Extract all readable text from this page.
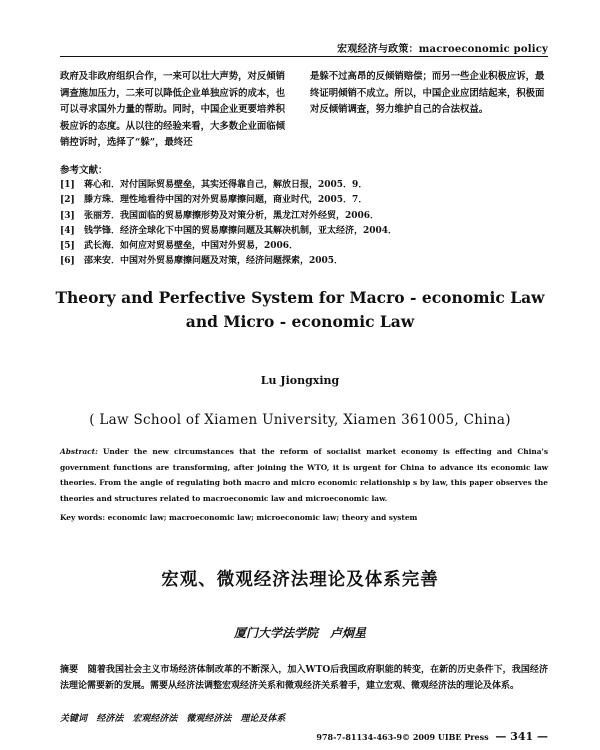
宏观经济与政策：macroeconomic policy
政府及非政府组织合作，一来可以壮大声势，对反倾销调查施加压力，二来可以降低企业单独应诉的成本，也可以寻求国外力量的帮助。同时，中国企业更要培养积极应诉的态度。从以往的经验来看，大多数企业面临倾销控诉时，选择了“躲”，最终还
是躲不过高昂的反倾销赔偿；而另一些企业积极应诉，最终证明倾销不成立。所以，中国企业应团结起来，积极面对反倾销调查，努力维护自己的合法权益。
参考文献：
[1] 蒋心和．对付国际贸易壁垒，其实还得靠自己，解放日报，2005．9．
[2] 滕方珠．理性地看待中国的对外贸易摩擦问题，商业时代，2005．7．
[3] 张丽芳．我国面临的贸易摩擦形势及对策分析，黑龙江对外经贸，2006．
[4] 钱学锋．经济全球化下中国的贸易摩擦问题及其解决机制，亚太经济，2004．
[5] 武长海．如何应对贸易壁垒，中国对外贸易，2006．
[6] 邵来安．中国对外贸易摩擦问题及对策，经济问题探索，2005．
Theory and Perfective System for Macro - economic Law
and Micro - economic Law
Lu Jiongxing
( Law School of Xiamen University, Xiamen 361005, China)
Abstract: Under the new circumstances that the reform of socialist market economy is effecting and China's government functions are transforming, after joining the WTO, it is urgent for China to advance its economic law theories. From the angle of regulating both macro and micro economic relationship s by law, this paper observes the theories and structures related to macroeconomic law and microeconomic law.
Key words: economic law; macroeconomic law; microeconomic law; theory and system
宏观、微观经济法理论及体系完善
厦门大学法学院　卢炯星
摘要 随着我国社会主义市场经济体制改革的不断深入，加入WTO后我国政府职能的转变，在新的历史条件下，我国经济法理论需要新的发展。需要从经济法调整宏观经济关系和微观经济关系着手，建立宏观、微观经济法的理论及体系。
关键词 经济法　宏观经济法　微观经济法　理论及体系
978-7-81134-463-9© 2009 UIBE Press — 341 —
